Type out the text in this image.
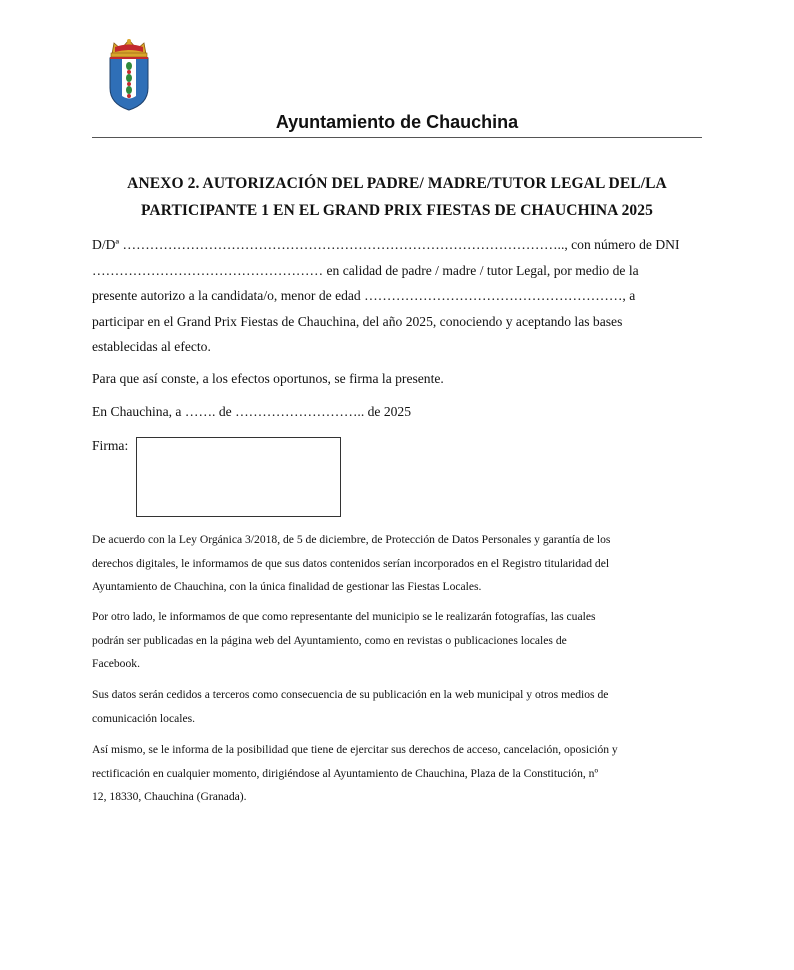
Ayuntamiento de Chauchina
ANEXO 2. AUTORIZACIÓN DEL PADRE/ MADRE/TUTOR LEGAL DEL/LA
PARTICIPANTE 1 EN EL GRAND PRIX FIESTAS DE CHAUCHINA 2025
D/Dª …………………………………………………………………………………….., con número de DNI
…………………………………………… en calidad de padre / madre / tutor Legal, por medio de la
presente autorizo a la candidata/o, menor de edad …………………………………………………, a
participar en el Grand Prix Fiestas de Chauchina, del año 2025, conociendo y aceptando las bases
establecidas al efecto.
Para que así conste, a los efectos oportunos, se firma la presente.
En Chauchina, a ……. de ……………………….. de 2025
Firma:
De acuerdo con la Ley Orgánica 3/2018, de 5 de diciembre, de Protección de Datos Personales y garantía de los
derechos digitales, le informamos de que sus datos contenidos serían incorporados en el Registro titularidad del
Ayuntamiento de Chauchina, con la única finalidad de gestionar las Fiestas Locales.
Por otro lado, le informamos de que como representante del municipio se le realizarán fotografías, las cuales
podrán ser publicadas en la página web del Ayuntamiento, como en revistas o publicaciones locales de
Facebook.
Sus datos serán cedidos a terceros como consecuencia de su publicación en la web municipal y otros medios de
comunicación locales.
Así mismo, se le informa de la posibilidad que tiene de ejercitar sus derechos de acceso, cancelación, oposición y
rectificación en cualquier momento, dirigiéndose al Ayuntamiento de Chauchina, Plaza de la Constitución, nº
12, 18330, Chauchina (Granada).
